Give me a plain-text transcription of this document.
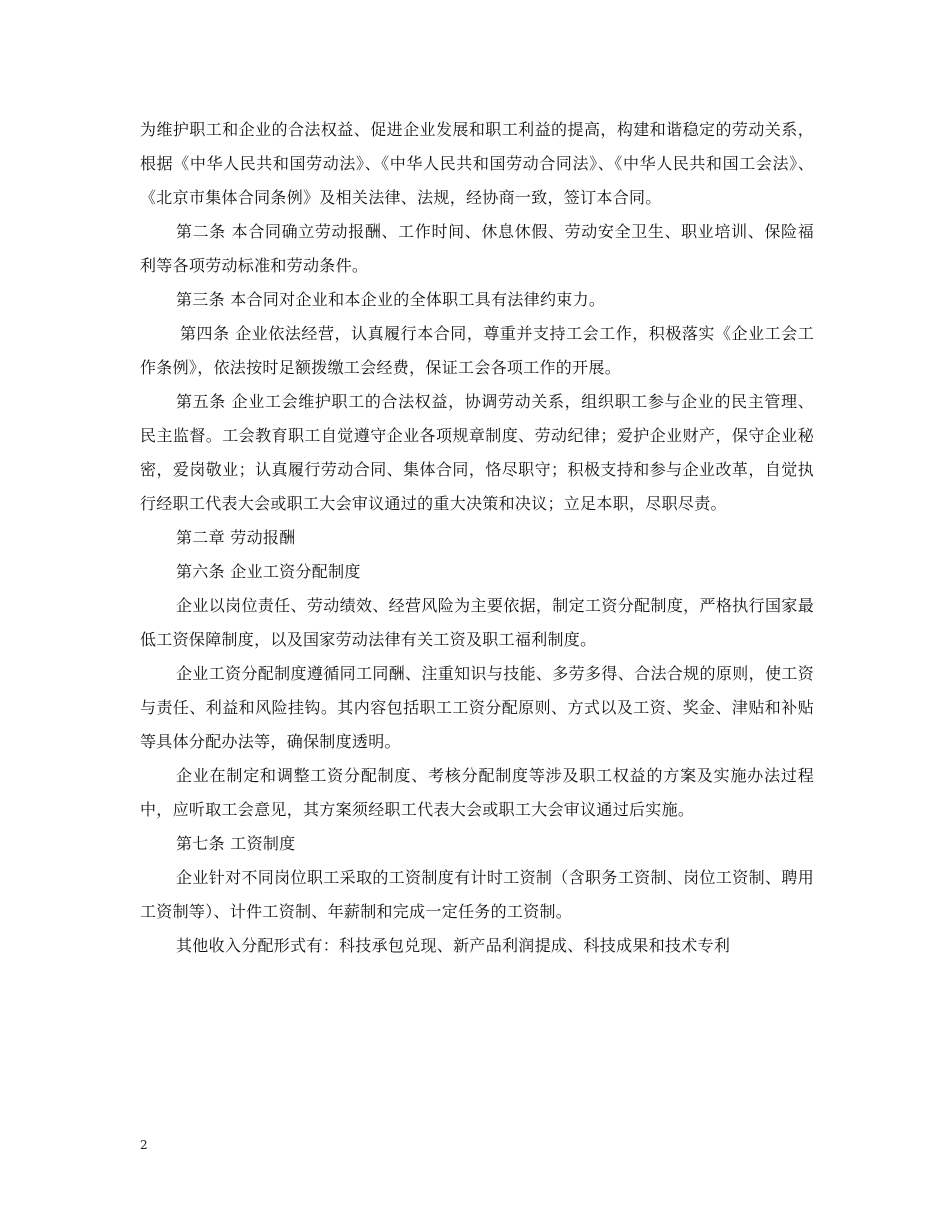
为维护职工和企业的合法权益、促进企业发展和职工利益的提高，构建和谐稳定的劳动关系，根据《中华人民共和国劳动法》、《中华人民共和国劳动合同法》、《中华人民共和国工会法》、《北京市集体合同条例》及相关法律、法规，经协商一致，签订本合同。

第二条 本合同确立劳动报酬、工作时间、休息休假、劳动安全卫生、职业培训、保险福利等各项劳动标准和劳动条件。

第三条 本合同对企业和本企业的全体职工具有法律约束力。

第四条 企业依法经营，认真履行本合同，尊重并支持工会工作，积极落实《企业工会工作条例》，依法按时足额拨缴工会经费，保证工会各项工作的开展。

第五条 企业工会维护职工的合法权益，协调劳动关系，组织职工参与企业的民主管理、民主监督。工会教育职工自觉遵守企业各项规章制度、劳动纪律；爱护企业财产，保守企业秘密，爱岗敬业；认真履行劳动合同、集体合同，恪尽职守；积极支持和参与企业改革，自觉执行经职工代表大会或职工大会审议通过的重大决策和决议；立足本职，尽职尽责。

第二章 劳动报酬

第六条 企业工资分配制度

企业以岗位责任、劳动绩效、经营风险为主要依据，制定工资分配制度，严格执行国家最低工资保障制度，以及国家劳动法律有关工资及职工福利制度。

企业工资分配制度遵循同工同酬、注重知识与技能、多劳多得、合法合规的原则，使工资与责任、利益和风险挂钩。其内容包括职工工资分配原则、方式以及工资、奖金、津贴和补贴等具体分配办法等，确保制度透明。

企业在制定和调整工资分配制度、考核分配制度等涉及职工权益的方案及实施办法过程中，应听取工会意见，其方案须经职工代表大会或职工大会审议通过后实施。

第七条 工资制度

企业针对不同岗位职工采取的工资制度有计时工资制（含职务工资制、岗位工资制、聘用工资制等）、计件工资制、年薪制和完成一定任务的工资制。

其他收入分配形式有：科技承包兑现、新产品利润提成、科技成果和技术专利

2
